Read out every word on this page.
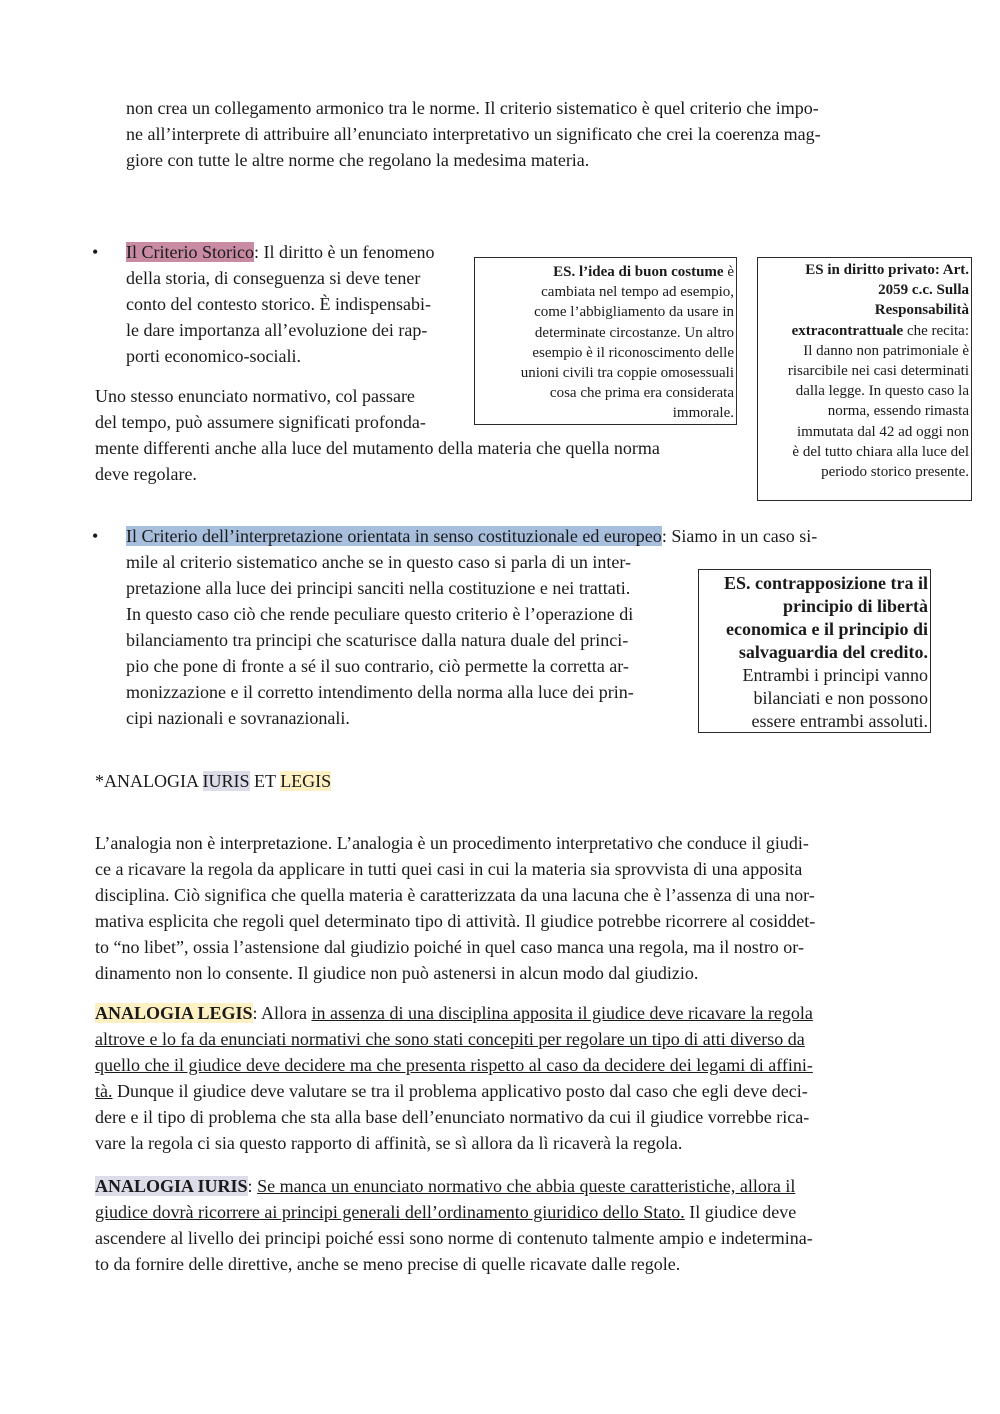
non crea un collegamento armonico tra le norme. Il criterio sistematico è quel criterio che impo-
ne all’interprete di attribuire all’enunciato interpretativo un significato che crei la coerenza mag-
giore con tutte le altre norme che regolano la medesima materia.
• Il Criterio Storico: Il diritto è un fenomeno
della storia, di conseguenza si deve tener
conto del contesto storico. È indispensabi-
le dare importanza all’evoluzione dei rap-
porti economico-sociali.
Uno stesso enunciato normativo, col passare
del tempo, può assumere significati profonda-
mente differenti anche alla luce del mutamento della materia che quella norma
deve regolare.
ES. l’idea di buon costume è
cambiata nel tempo ad esempio,
come l’abbigliamento da usare in
determinate circostanze. Un altro
esempio è il riconoscimento delle
unioni civili tra coppie omosessuali
cosa che prima era considerata
immorale.
ES in diritto privato: Art.
2059 c.c. Sulla
Responsabilità
extracontrattuale che recita:
Il danno non patrimoniale è
risarcibile nei casi determinati
dalla legge. In questo caso la
norma, essendo rimasta
immutata dal 42 ad oggi non
è del tutto chiara alla luce del
periodo storico presente.
• Il Criterio dell’interpretazione orientata in senso costituzionale ed europeo: Siamo in un caso si-
mile al criterio sistematico anche se in questo caso si parla di un inter-
pretazione alla luce dei principi sanciti nella costituzione e nei trattati.
In questo caso ciò che rende peculiare questo criterio è l’operazione di
bilanciamento tra principi che scaturisce dalla natura duale del princi-
pio che pone di fronte a sé il suo contrario, ciò permette la corretta ar-
monizzazione e il corretto intendimento della norma alla luce dei prin-
cipi nazionali e sovranazionali.
ES. contrapposizione tra il
principio di libertà
economica e il principio di
salvaguardia del credito.
Entrambi i principi vanno
bilanciati e non possono
essere entrambi assoluti.
*ANALOGIA IURIS ET LEGIS
L’analogia non è interpretazione. L’analogia è un procedimento interpretativo che conduce il giudi-
ce a ricavare la regola da applicare in tutti quei casi in cui la materia sia sprovvista di una apposita
disciplina. Ciò significa che quella materia è caratterizzata da una lacuna che è l’assenza di una nor-
mativa esplicita che regoli quel determinato tipo di attività. Il giudice potrebbe ricorrere al cosiddet-
to “no libet”, ossia l’astensione dal giudizio poiché in quel caso manca una regola, ma il nostro or-
dinamento non lo consente. Il giudice non può astenersi in alcun modo dal giudizio.
ANALOGIA LEGIS: Allora in assenza di una disciplina apposita il giudice deve ricavare la regola
altrove e lo fa da enunciati normativi che sono stati concepiti per regolare un tipo di atti diverso da
quello che il giudice deve decidere ma che presenta rispetto al caso da decidere dei legami di affini-
tà. Dunque il giudice deve valutare se tra il problema applicativo posto dal caso che egli deve deci-
dere e il tipo di problema che sta alla base dell’enunciato normativo da cui il giudice vorrebbe rica-
vare la regola ci sia questo rapporto di affinità, se sì allora da lì ricaverà la regola.
ANALOGIA IURIS: Se manca un enunciato normativo che abbia queste caratteristiche, allora il
giudice dovrà ricorrere ai principi generali dell’ordinamento giuridico dello Stato. Il giudice deve
ascendere al livello dei principi poiché essi sono norme di contenuto talmente ampio e indetermina-
to da fornire delle direttive, anche se meno precise di quelle ricavate dalle regole.
